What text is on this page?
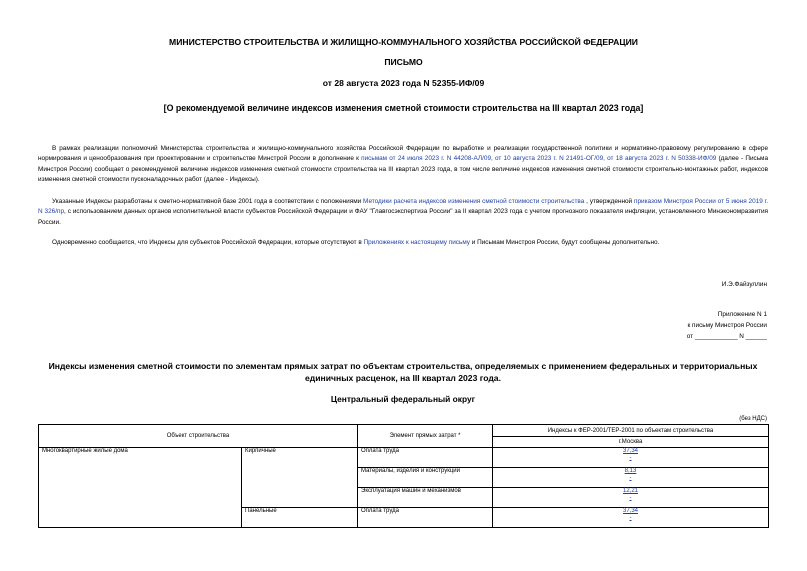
МИНИСТЕРСТВО СТРОИТЕЛЬСТВА И ЖИЛИЩНО-КОММУНАЛЬНОГО ХОЗЯЙСТВА РОССИЙСКОЙ ФЕДЕРАЦИИ
ПИСЬМО
от 28 августа 2023 года N 52355-ИФ/09
[О рекомендуемой величине индексов изменения сметной стоимости строительства на III квартал 2023 года]

В рамках реализации полномочий Министерства строительства и жилищно-коммунального хозяйства Российской Федерации по выработке и реализации государственной политики и нормативно-правовому регулированию в сфере нормирования и ценообразования при проектировании и строительстве Минстрой России в дополнение к письмам от 24 июля 2023 г. N 44208-АЛ/09, от 10 августа 2023 г. N 21491-ОГ/09, от 18 августа 2023 г. N 50338-ИФ/09 (далее - Письма Минстроя России) сообщает о рекомендуемой величине индексов изменения сметной стоимости строительства на III квартал 2023 года, в том числе величине индексов изменения сметной стоимости строительно-монтажных работ, индексов изменения сметной стоимости пусконаладочных работ (далее - Индексы).

Указанные Индексы разработаны к сметно-нормативной базе 2001 года в соответствии с положениями Методики расчета индексов изменения сметной стоимости строительства , утвержденной приказом Минстроя России от 5 июня 2019 г. N 326/пр, с использованием данных органов исполнительной власти субъектов Российской Федерации и ФАУ "Главгосэкспертиза России" за II квартал 2023 года с учетом прогнозного показателя инфляции, установленного Минэкономразвития России.

Одновременно сообщается, что Индексы для субъектов Российской Федерации, которые отсутствуют в Приложениях к настоящему письму и Письмам Минстроя России, будут сообщены дополнительно.

И.Э.Файзуллин
Приложение N 1
к письму Минстроя России
от ____________ N ______
Индексы изменения сметной стоимости по элементам прямых затрат по объектам строительства, определяемых с применением федеральных и территориальных единичных расценок, на III квартал 2023 года.
Центральный федеральный округ
(без НДС)
Объект строительства		Элемент прямых затрат *	Индексы к ФЕР-2001/ТЕР-2001 по объектам строительства
			г.Москва
Многоквартирные жилые дома	Кирпичные	Оплата труда	37,34
-

		Материалы, изделия и конструкции	8,13
-

		Эксплуатация машин и механизмов	12,21
-

	Панельные	Оплата труда	37,34
-
